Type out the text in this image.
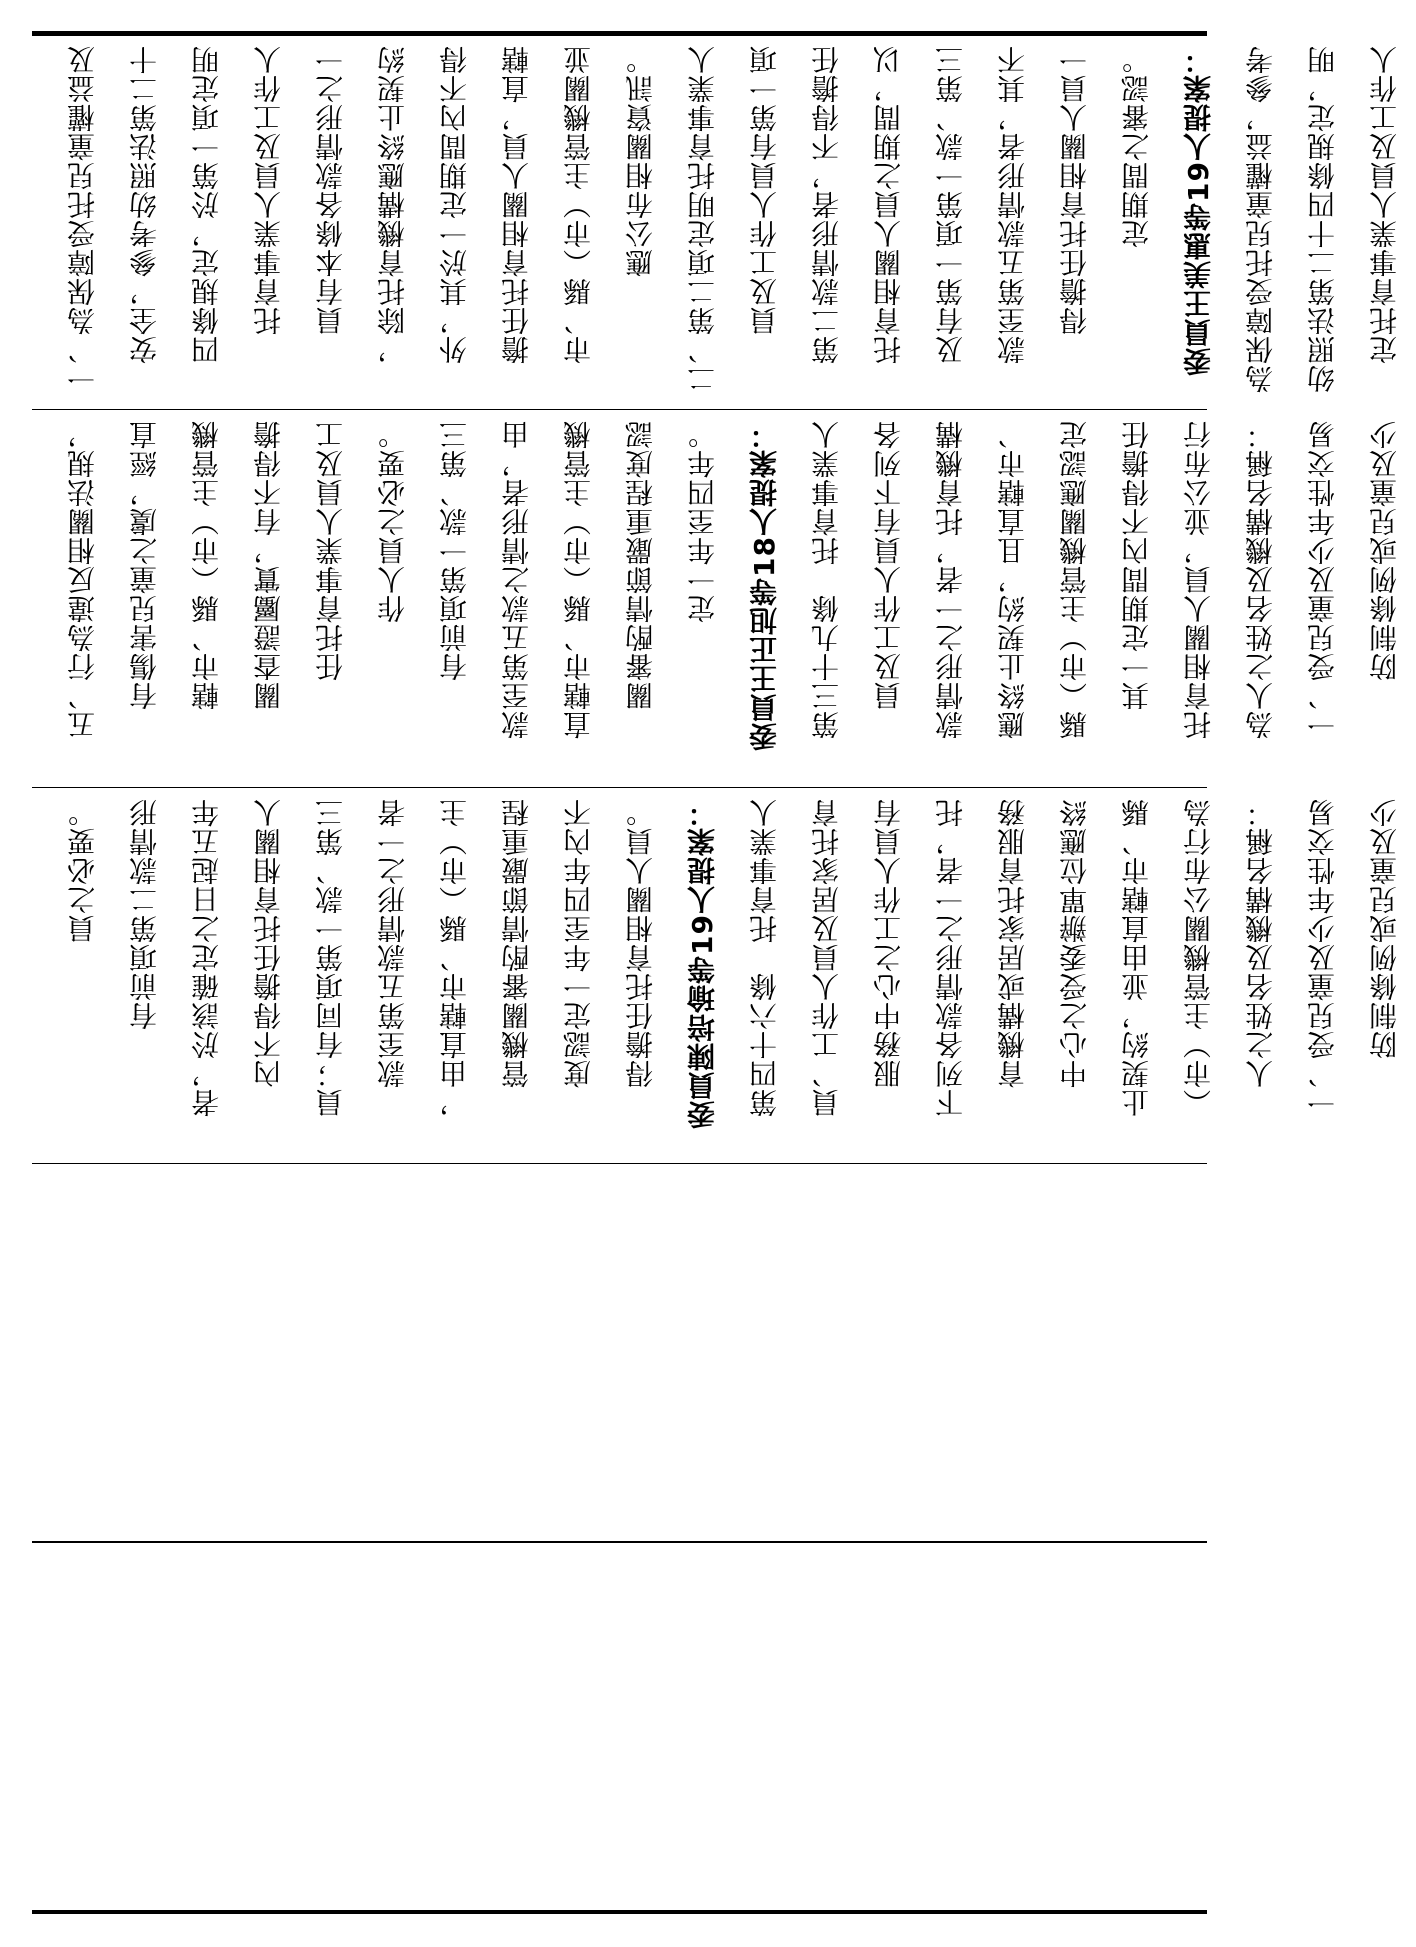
一、為保障受托兒童權益及	　安全，參考幼照法第二十	　四條規定，於第一項定明	　托育事業人員及工作人	　員有本條各款情形之一	　，除托育機構應終止契約	　外，其於一定期間內不得	　擔任托育相關人員，直轄	　市、縣（市）主管機關並	　應公布相關資訊。	二、第二項定明托育事業人	　員及工作人員有第一項	　第二款情形者，不得擔任	　托育相關人員之期間，以	　及有第一項第一款、第三	　款至第五款情形者，其不	　得擔任托育相關人員一	　定期間之審認。	委員王美惠等19人提案：	為保障受托兒童權益，參考	幼照法第二十四條規定，明	定托育事業人員及工作人
五、行為違反相關法規，	　有傷害兒童之虞，經直	　轄市、縣（市）主管機	　關查證屬實，有不得擔	　任托育事業人員及工	　作人員之必要。	　有前項第一款、第三	款至第五款之情形者，由	直轄市、縣（市）主管機	關審酌情節嚴重程度認	定一年至四年。	委員王正旭等18人提案：	第三十九條　托育事業人	員及工作人員有下列各	款情形之一者，托育機構	應終止契約，且直轄市、	縣（市）主管機關應認定	其一定期間內不得擔任	托育相關人員，並公布行	為人之姓名及機構名稱：	一、受兒童及少年性交易	　防制條例或兒童及少
員之必要。	　有前項第二款情形	者，於該確定之日起五年	內不得擔任托育相關人	員；有同項第一款、第三	款至第五款情形之一者	，由直轄市、縣（市）主	管機關審酌情節嚴重程	度認定一年至四年內不	得擔任托育相關人員。	委員陳培瑜等19人提案：	第四十六條　托育事業人	員、工作人員及居家托育	服務中心之工作人員有	下列各款情形之一者，托	育機構或居家托育服務	中心之受委辦單位應終	止契約，並由直轄市、縣	（市）主管機關公布行為	人之姓名及機構名稱：	一、受兒童及少年性交易	　防制條例或兒童及少
